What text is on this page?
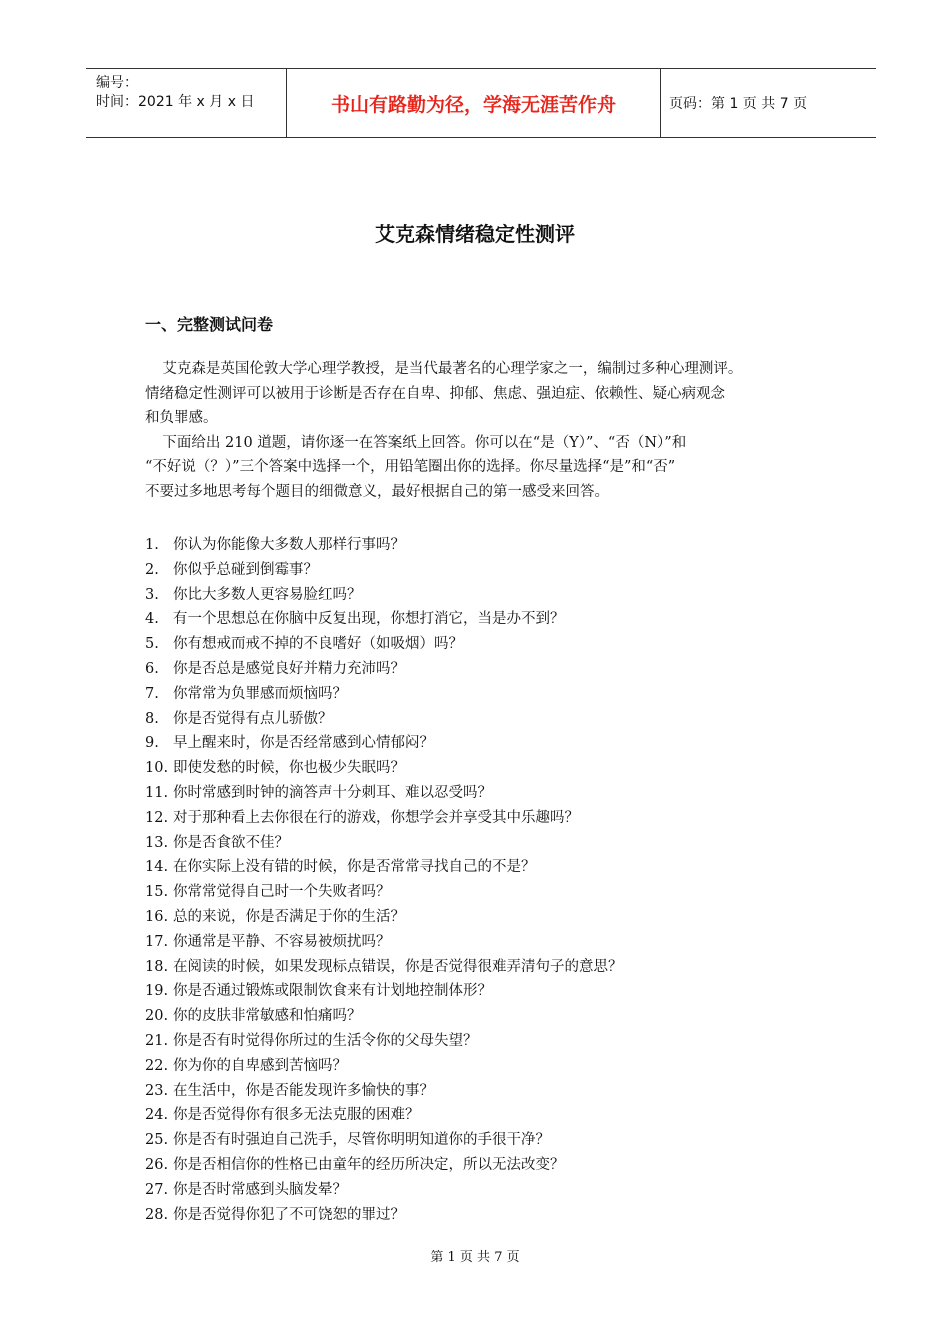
编号：
时间：2021 年 x 月 x 日	书山有路勤为径，学海无涯苦作舟	页码：第 1 页 共 7 页
艾克森情绪稳定性测评
一、完整测试问卷

艾克森是英国伦敦大学心理学教授，是当代最著名的心理学家之一，编制过多种心理测评。

情绪稳定性测评可以被用于诊断是否存在自卑、抑郁、焦虑、强迫症、依赖性、疑心病观念

和负罪感。

下面给出 210 道题，请你逐一在答案纸上回答。你可以在“是（Y）”、“否（N）”和

“不好说（？）”三个答案中选择一个，用铅笔圈出你的选择。你尽量选择“是”和“否”

不要过多地思考每个题目的细微意义，最好根据自己的第一感受来回答。

1. 你认为你能像大多数人那样行事吗？
2. 你似乎总碰到倒霉事？
3. 你比大多数人更容易脸红吗？
4. 有一个思想总在你脑中反复出现，你想打消它，当是办不到？
5. 你有想戒而戒不掉的不良嗜好（如吸烟）吗？
6. 你是否总是感觉良好并精力充沛吗？
7. 你常常为负罪感而烦恼吗？
8. 你是否觉得有点儿骄傲？
9. 早上醒来时，你是否经常感到心情郁闷？
10. 即使发愁的时候，你也极少失眠吗？
11. 你时常感到时钟的滴答声十分刺耳、难以忍受吗？
12. 对于那种看上去你很在行的游戏，你想学会并享受其中乐趣吗？
13. 你是否食欲不佳？
14. 在你实际上没有错的时候，你是否常常寻找自己的不是？
15. 你常常觉得自己时一个失败者吗？
16. 总的来说，你是否满足于你的生活？
17. 你通常是平静、不容易被烦扰吗？
18. 在阅读的时候，如果发现标点错误，你是否觉得很难弄清句子的意思？
19. 你是否通过锻炼或限制饮食来有计划地控制体形？
20. 你的皮肤非常敏感和怕痛吗？
21. 你是否有时觉得你所过的生活令你的父母失望？
22. 你为你的自卑感到苦恼吗？
23. 在生活中，你是否能发现许多愉快的事？
24. 你是否觉得你有很多无法克服的困难？
25. 你是否有时强迫自己洗手，尽管你明明知道你的手很干净？
26. 你是否相信你的性格已由童年的经历所决定，所以无法改变？
27. 你是否时常感到头脑发晕？
28. 你是否觉得你犯了不可饶恕的罪过？
第 1 页 共 7 页
